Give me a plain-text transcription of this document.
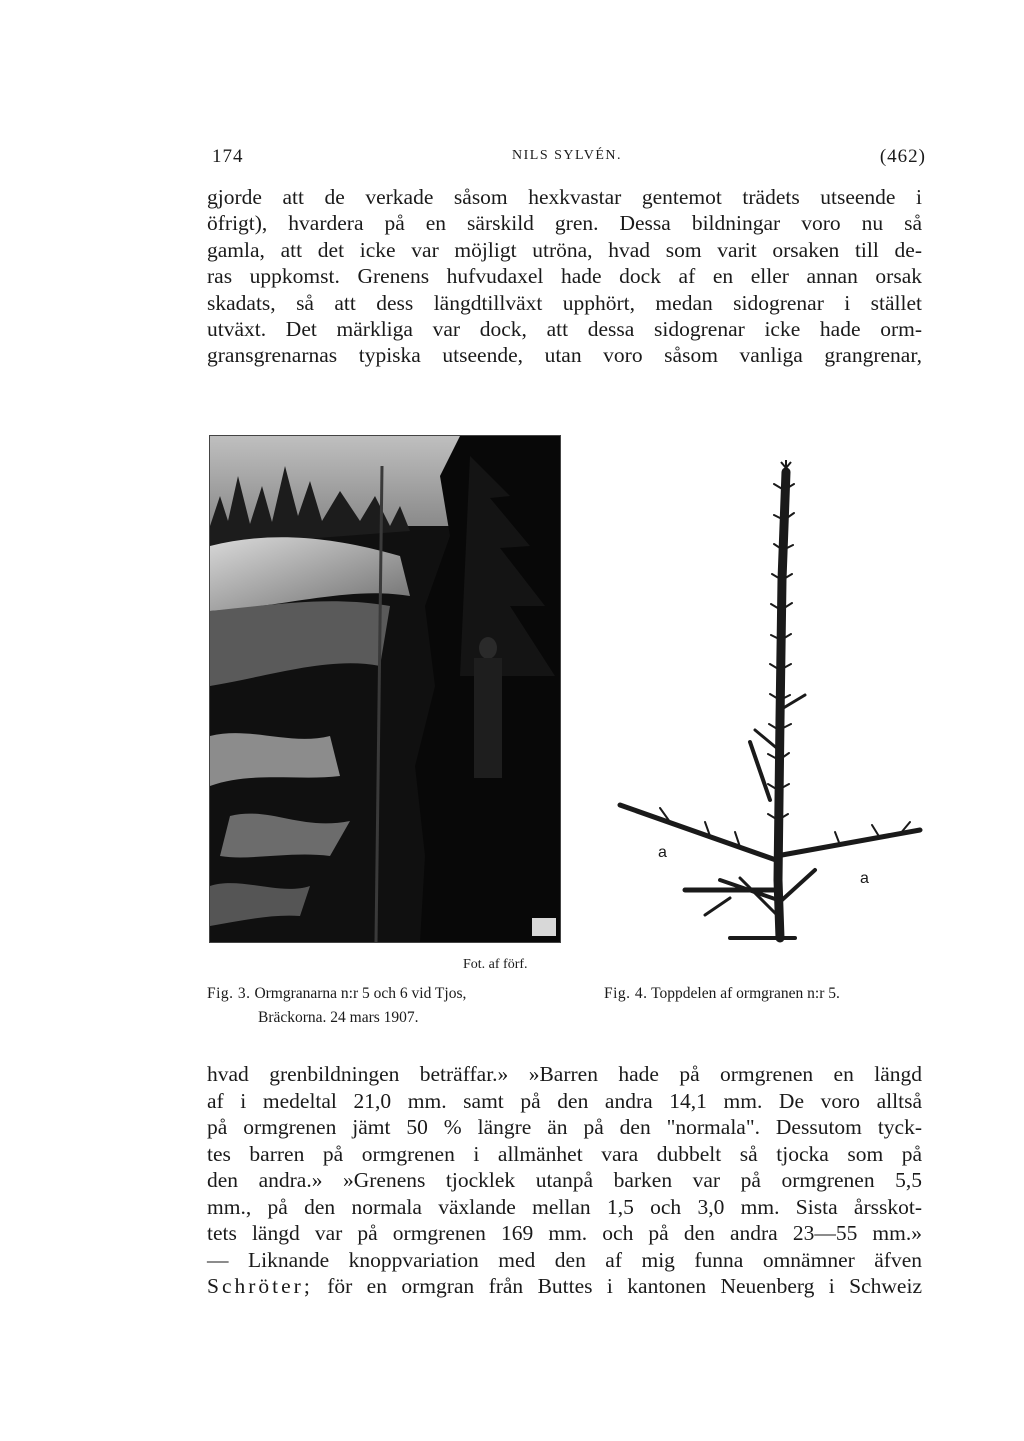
174	NILS SYLVÉN.	(462)
gjorde att de verkade såsom hexkvastar gentemot trädets utseende i
öfrigt), hvardera på en särskild gren. Dessa bildningar voro nu så
gamla, att det icke var möjligt utröna, hvad som varit orsaken till de-
ras uppkomst. Grenens hufvudaxel hade dock af en eller annan orsak
skadats, så att dess längdtillväxt upphört, medan sidogrenar i stället
utväxt. Det märkliga var dock, att dessa sidogrenar icke hade orm-
gransgrenarnas typiska utseende, utan voro såsom vanliga grangrenar,
a
a
Fot. af förf.
Fig. 3. Ormgranarna n:r 5 och 6 vid Tjos,
Bräckorna. 24 mars 1907.
Fig. 4. Toppdelen af ormgranen n:r 5.
hvad grenbildningen beträffar.» »Barren hade på ormgrenen en längd
af i medeltal 21,0 mm. samt på den andra 14,1 mm. De voro alltså
på ormgrenen jämt 50 % längre än på den "normala". Dessutom tyck-
tes barren på ormgrenen i allmänhet vara dubbelt så tjocka som på
den andra.» »Grenens tjocklek utanpå barken var på ormgrenen 5,5
mm., på den normala växlande mellan 1,5 och 3,0 mm. Sista årsskot-
tets längd var på ormgrenen 169 mm. och på den andra 23—55 mm.»
— Liknande knoppvariation med den af mig funna omnämner äfven
Schröter; för en ormgran från Buttes i kantonen Neuenberg i Schweiz
